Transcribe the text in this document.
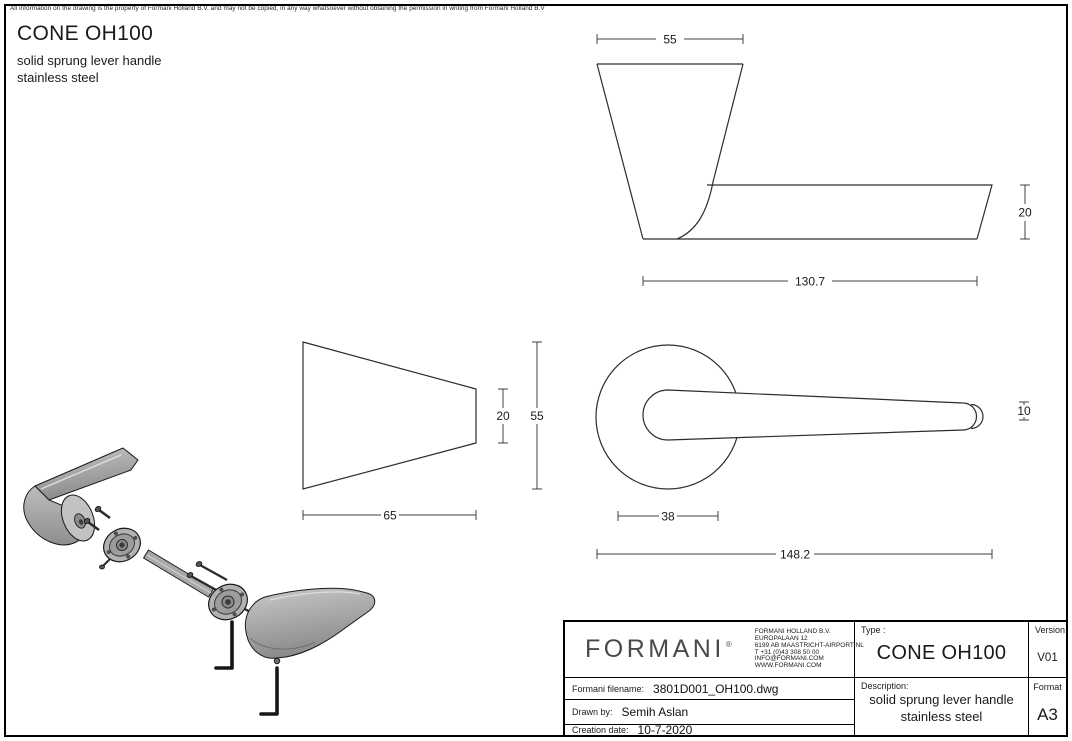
All information on the drawing is the property of Formani Holland B.V. and may not be copied, in any way whatsoever without obtaining the permission in writing from Formani Holland B.V
CONE OH100
solid sprung lever handle
stainless steel
55
130.7
20
20 55
65	38
148.2
10
FORMANI®
FORMANI HOLLAND B.V.
EUROPALAAN 12
6199 AB MAASTRICHT-AIRPORT NL
T +31 (0)43 308 50 00
INFO@FORMANI.COM
WWW.FORMANI.COM
Type :
CONE OH100
Version:
V01
Formani filename: 3801D001_OH100.dwg	Description:
solid sprung lever handle
stainless steel
Format
A3
Drawn by: Semih Aslan
Creation date: 10-7-2020
